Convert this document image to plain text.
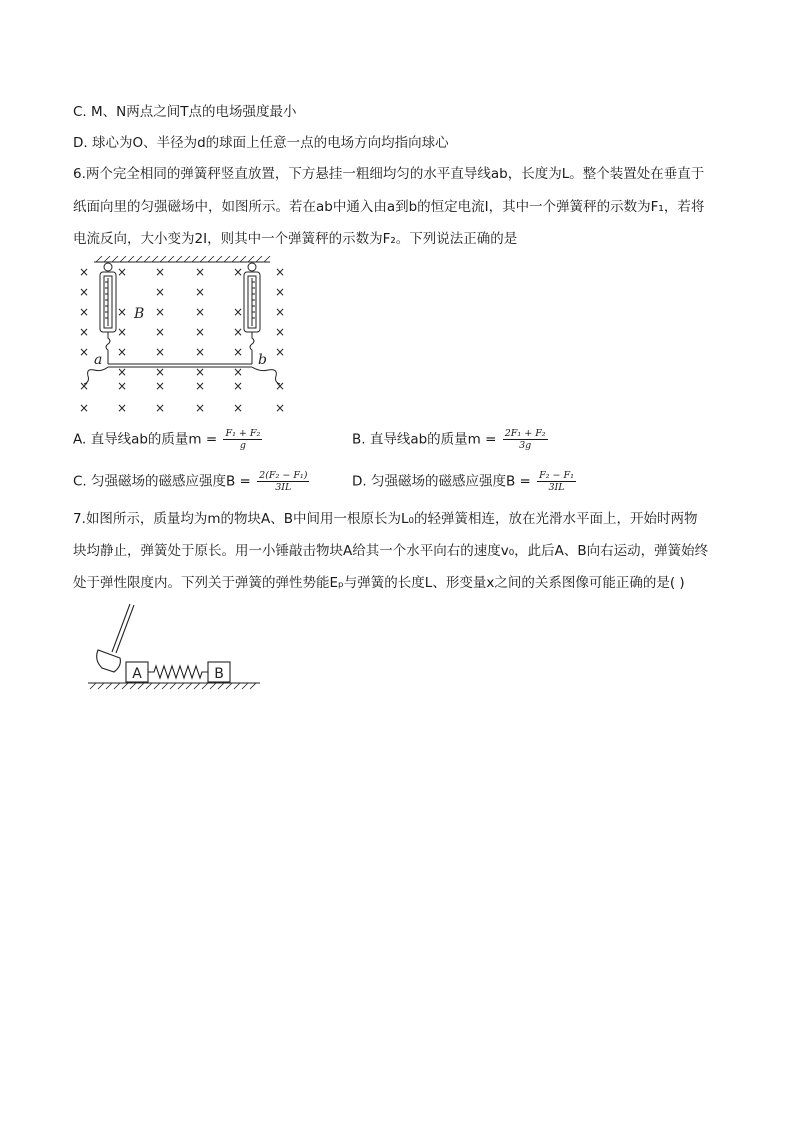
C. M、N两点之间T点的电场强度最小
D. 球心为O、半径为d的球面上任意一点的电场方向均指向球心
6.两个完全相同的弹簧秤竖直放置，下方悬挂一粗细均匀的水平直导线ab，长度为L。整个装置处在垂直于
纸面向里的匀强磁场中，如图所示。若在ab中通入由a到b的恒定电流I，其中一个弹簧秤的示数为F₁，若将
电流反向，大小变为2I，则其中一个弹簧秤的示数为F₂。下列说法正确的是
× × × × ×	×
×	× ×	×
× × × × ×	×
× × × × ×	×
× × × × ×	×
× × × ×
× × × × ×	×
× × × × ×	×
B
a	b
A. 直导线ab的质量$m = \frac{\text{F₁ + F₂}}{g}$	B. 直导线ab的质量$m = \frac{\text{2F₁ + F₂}}{3g}$
C. 匀强磁场的磁感应强度$B = \frac{\text{2(F₂ − F₁)}}{3IL}$	D. 匀强磁场的磁感应强度$B = \frac{\text{F₂ − F₁}}{3IL}$
7.如图所示，质量均为m的物块A、B中间用一根原长为L₀的轻弹簧相连，放在光滑水平面上，开始时两物
块均静止，弹簧处于原长。用一小锤敲击物块A给其一个水平向右的速度v₀，此后A、B向右运动，弹簧始终
处于弹性限度内。下列关于弹簧的弹性势能Eₚ与弹簧的长度L、形变量x之间的关系图像可能正确的是( )
A	B
